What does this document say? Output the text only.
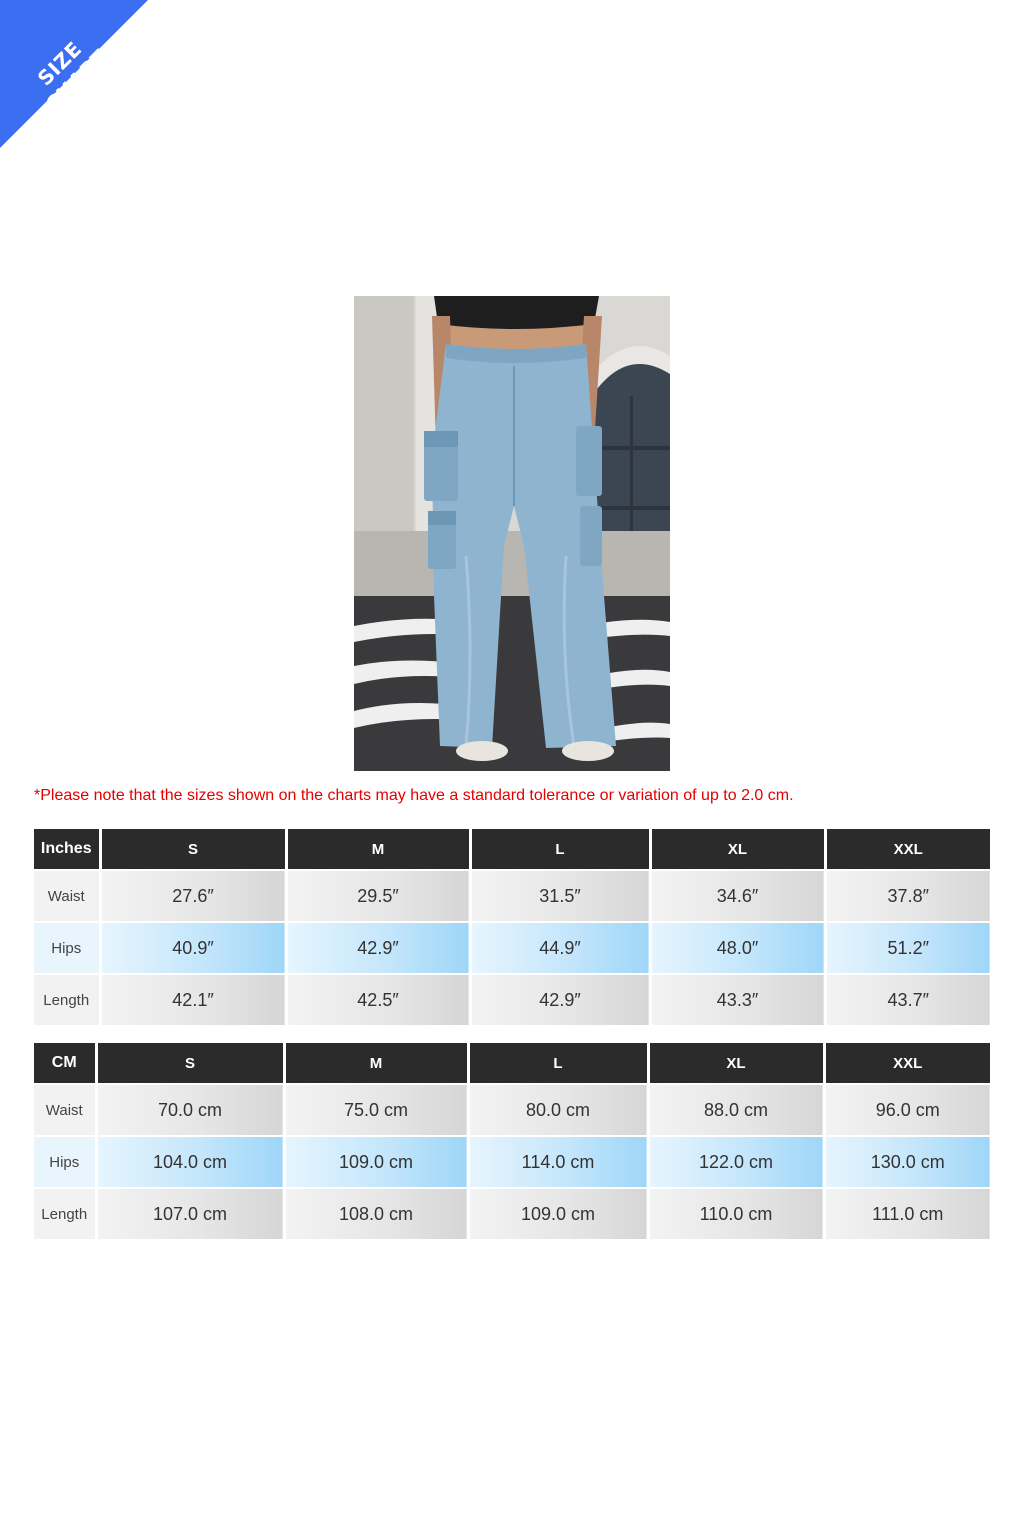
SIZE CHART
*Please note that the sizes shown on the charts may have a standard tolerance or variation of up to 2.0 cm.
Inches	S	M	L	XL	XXL
Waist	27.6″	29.5″	31.5″	34.6″	37.8″
Hips	40.9″	42.9″	44.9″	48.0″	51.2″
Length	42.1″	42.5″	42.9″	43.3″	43.7″
CM	S	M	L	XL	XXL
Waist	70.0 cm	75.0 cm	80.0 cm	88.0 cm	96.0 cm
Hips	104.0 cm	109.0 cm	114.0 cm	122.0 cm	130.0 cm
Length	107.0 cm	108.0 cm	109.0 cm	110.0 cm	111.0 cm
